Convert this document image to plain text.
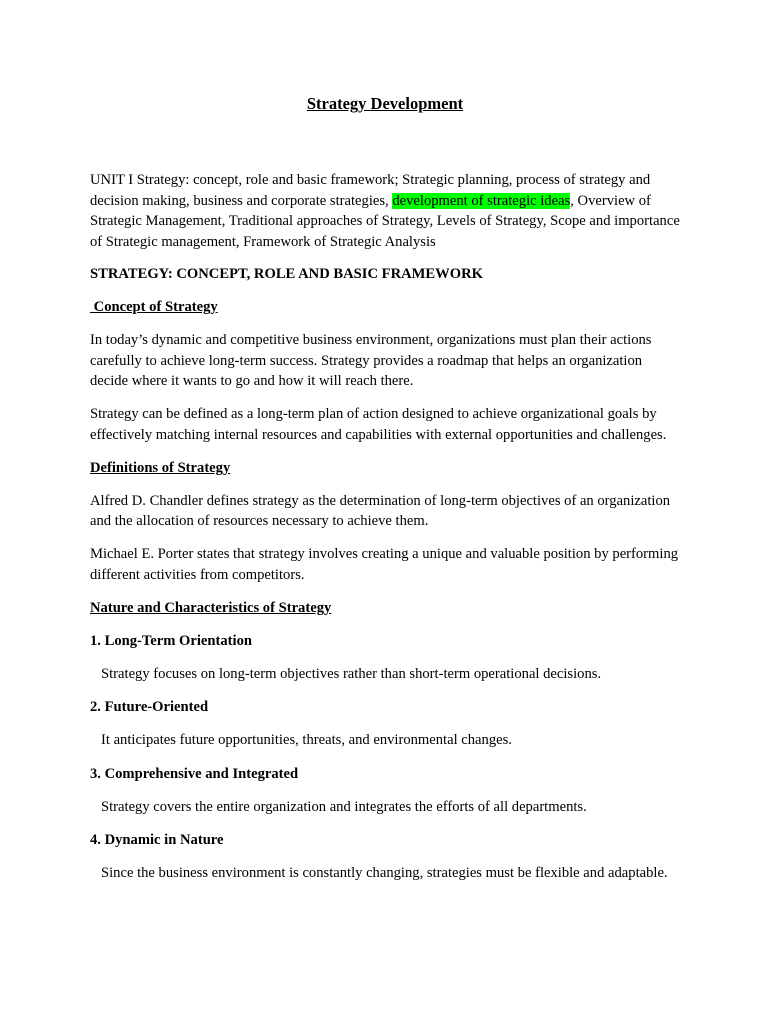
Strategy Development

UNIT I Strategy: concept, role and basic framework; Strategic planning, process of strategy and decision making, business and corporate strategies, development of strategic ideas, Overview of Strategic Management, Traditional approaches of Strategy, Levels of Strategy, Scope and importance of Strategic management, Framework of Strategic Analysis

STRATEGY: CONCEPT, ROLE AND BASIC FRAMEWORK

Concept of Strategy

In today’s dynamic and competitive business environment, organizations must plan their actions carefully to achieve long-term success. Strategy provides a roadmap that helps an organization decide where it wants to go and how it will reach there.

Strategy can be defined as a long-term plan of action designed to achieve organizational goals by effectively matching internal resources and capabilities with external opportunities and challenges.

Definitions of Strategy

Alfred D. Chandler defines strategy as the determination of long-term objectives of an organization and the allocation of resources necessary to achieve them.

Michael E. Porter states that strategy involves creating a unique and valuable position by performing different activities from competitors.

Nature and Characteristics of Strategy

1. Long-Term Orientation

Strategy focuses on long-term objectives rather than short-term operational decisions.

2. Future-Oriented

It anticipates future opportunities, threats, and environmental changes.

3. Comprehensive and Integrated

Strategy covers the entire organization and integrates the efforts of all departments.

4. Dynamic in Nature

Since the business environment is constantly changing, strategies must be flexible and adaptable.
